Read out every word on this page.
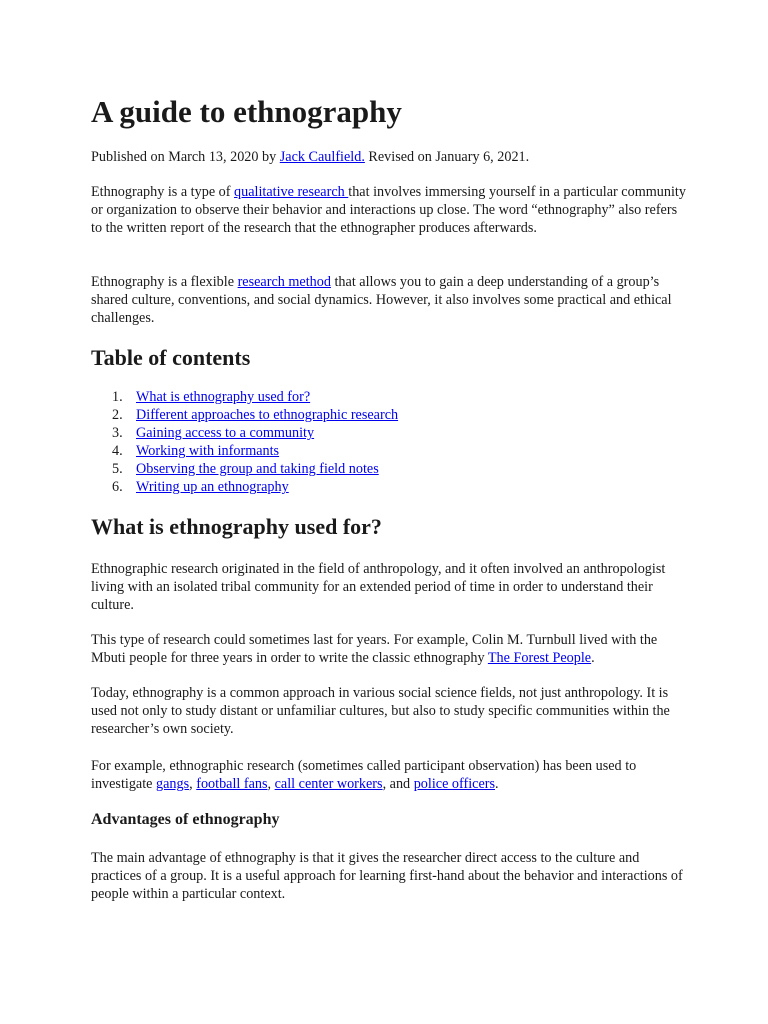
A guide to ethnography

Published on March 13, 2020 by Jack Caulfield. Revised on January 6, 2021.

Ethnography is a type of qualitative research that involves immersing yourself in a particular community or organization to observe their behavior and interactions up close. The word “ethnography” also refers to the written report of the research that the ethnographer produces afterwards.

Ethnography is a flexible research method that allows you to gain a deep understanding of a group’s shared culture, conventions, and social dynamics. However, it also involves some practical and ethical challenges.

Table of contents
1. What is ethnography used for?
2. Different approaches to ethnographic research
3. Gaining access to a community
4. Working with informants
5. Observing the group and taking field notes
6. Writing up an ethnography
What is ethnography used for?

Ethnographic research originated in the field of anthropology, and it often involved an anthropologist living with an isolated tribal community for an extended period of time in order to understand their culture.

This type of research could sometimes last for years. For example, Colin M. Turnbull lived with the Mbuti people for three years in order to write the classic ethnography The Forest People.

Today, ethnography is a common approach in various social science fields, not just anthropology. It is used not only to study distant or unfamiliar cultures, but also to study specific communities within the researcher’s own society.

For example, ethnographic research (sometimes called participant observation) has been used to investigate gangs, football fans, call center workers, and police officers.

Advantages of ethnography

The main advantage of ethnography is that it gives the researcher direct access to the culture and practices of a group. It is a useful approach for learning first-hand about the behavior and interactions of people within a particular context.
